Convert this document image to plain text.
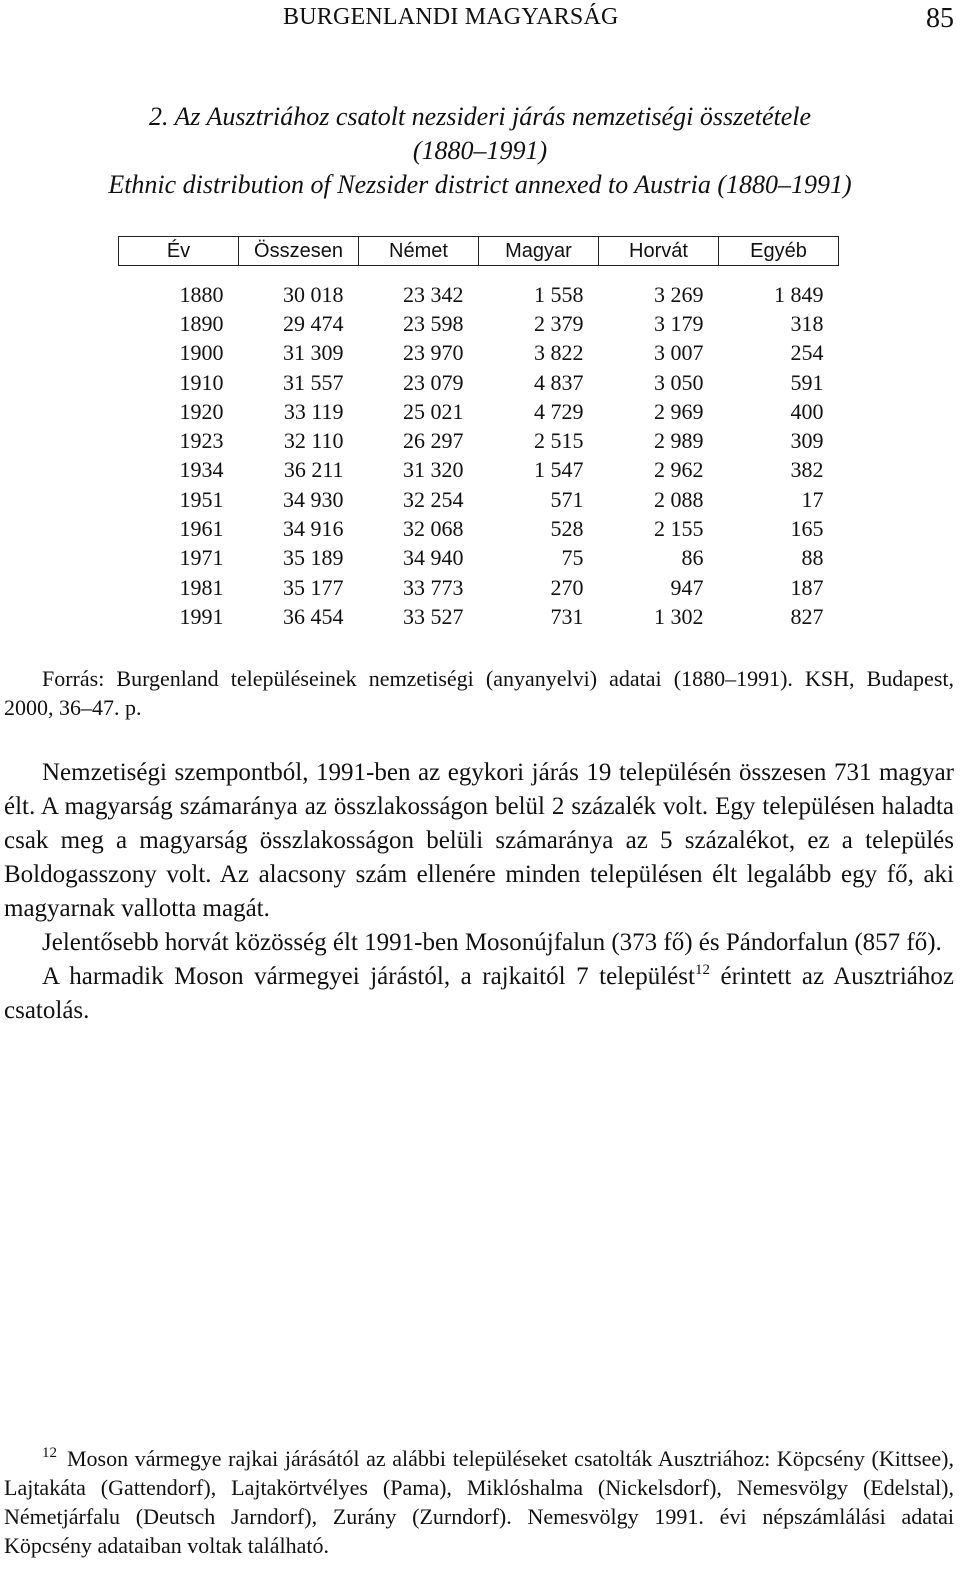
BURGENLANDI MAGYARSÁG	85
2. Az Ausztriához csatolt nezsideri járás nemzetiségi összetétele
(1880–1991)
Ethnic distribution of Nezsider district annexed to Austria (1880–1991)
Év	Összesen	Német	Magyar	Horvát	Egyéb
1880	30 018	23 342	1 558	3 269	1 849
1890	29 474	23 598	2 379	3 179	318
1900	31 309	23 970	3 822	3 007	254
1910	31 557	23 079	4 837	3 050	591
1920	33 119	25 021	4 729	2 969	400
1923	32 110	26 297	2 515	2 989	309
1934	36 211	31 320	1 547	2 962	382
1951	34 930	32 254	571	2 088	17
1961	34 916	32 068	528	2 155	165
1971	35 189	34 940	75	86	88
1981	35 177	33 773	270	947	187
1991	36 454	33 527	731	1 302	827
Forrás: Burgenland településeinek nemzetiségi (anyanyelvi) adatai (1880–1991). KSH, Budapest, 2000, 36–47. p.

Nemzetiségi szempontból, 1991-ben az egykori járás 19 településén összesen 731 magyar élt. A magyarság számaránya az összlakosságon belül 2 százalék volt. Egy településen haladta csak meg a magyarság összlakosságon belüli számaránya az 5 százalékot, ez a település Boldogasszony volt. Az alacsony szám ellenére minden településen élt legalább egy fő, aki magyarnak vallotta magát.

Jelentősebb horvát közösség élt 1991-ben Mosonújfalun (373 fő) és Pándorfalun (857 fő).

A harmadik Moson vármegyei járástól, a rajkaitól 7 települést$^{12}$ érintett az Ausztriához csatolás.

$^{12}$ Moson vármegye rajkai járásától az alábbi településeket csatolták Ausztriához: Köpcsény (Kittsee), Lajtakáta (Gattendorf), Lajtakörtvélyes (Pama), Miklóshalma (Nickelsdorf), Nemesvölgy (Edelstal), Németjárfalu (Deutsch Jarndorf), Zurány (Zurndorf). Nemesvölgy 1991. évi népszámlálási adatai Köpcsény adataiban voltak található.
